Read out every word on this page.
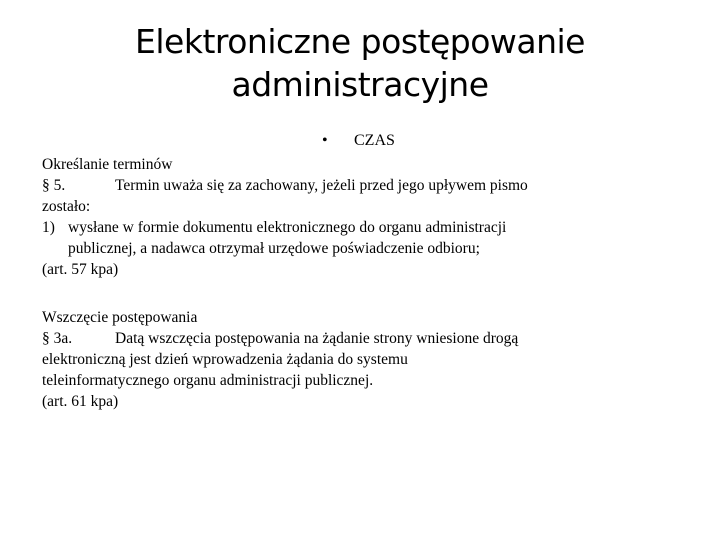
Elektroniczne postępowanie
administracyjne
• CZAS
Określanie terminów
§ 5.	Termin uważa się za zachowany, jeżeli przed jego upływem pismo
zostało:
1) wysłane w formie dokumentu elektronicznego do organu administracji
publicznej, a nadawca otrzymał urzędowe poświadczenie odbioru;
(art. 57 kpa)
Wszczęcie postępowania
§ 3a.	Datą wszczęcia postępowania na żądanie strony wniesione drogą
elektroniczną jest dzień wprowadzenia żądania do systemu
teleinformatycznego organu administracji publicznej.
(art. 61 kpa)
